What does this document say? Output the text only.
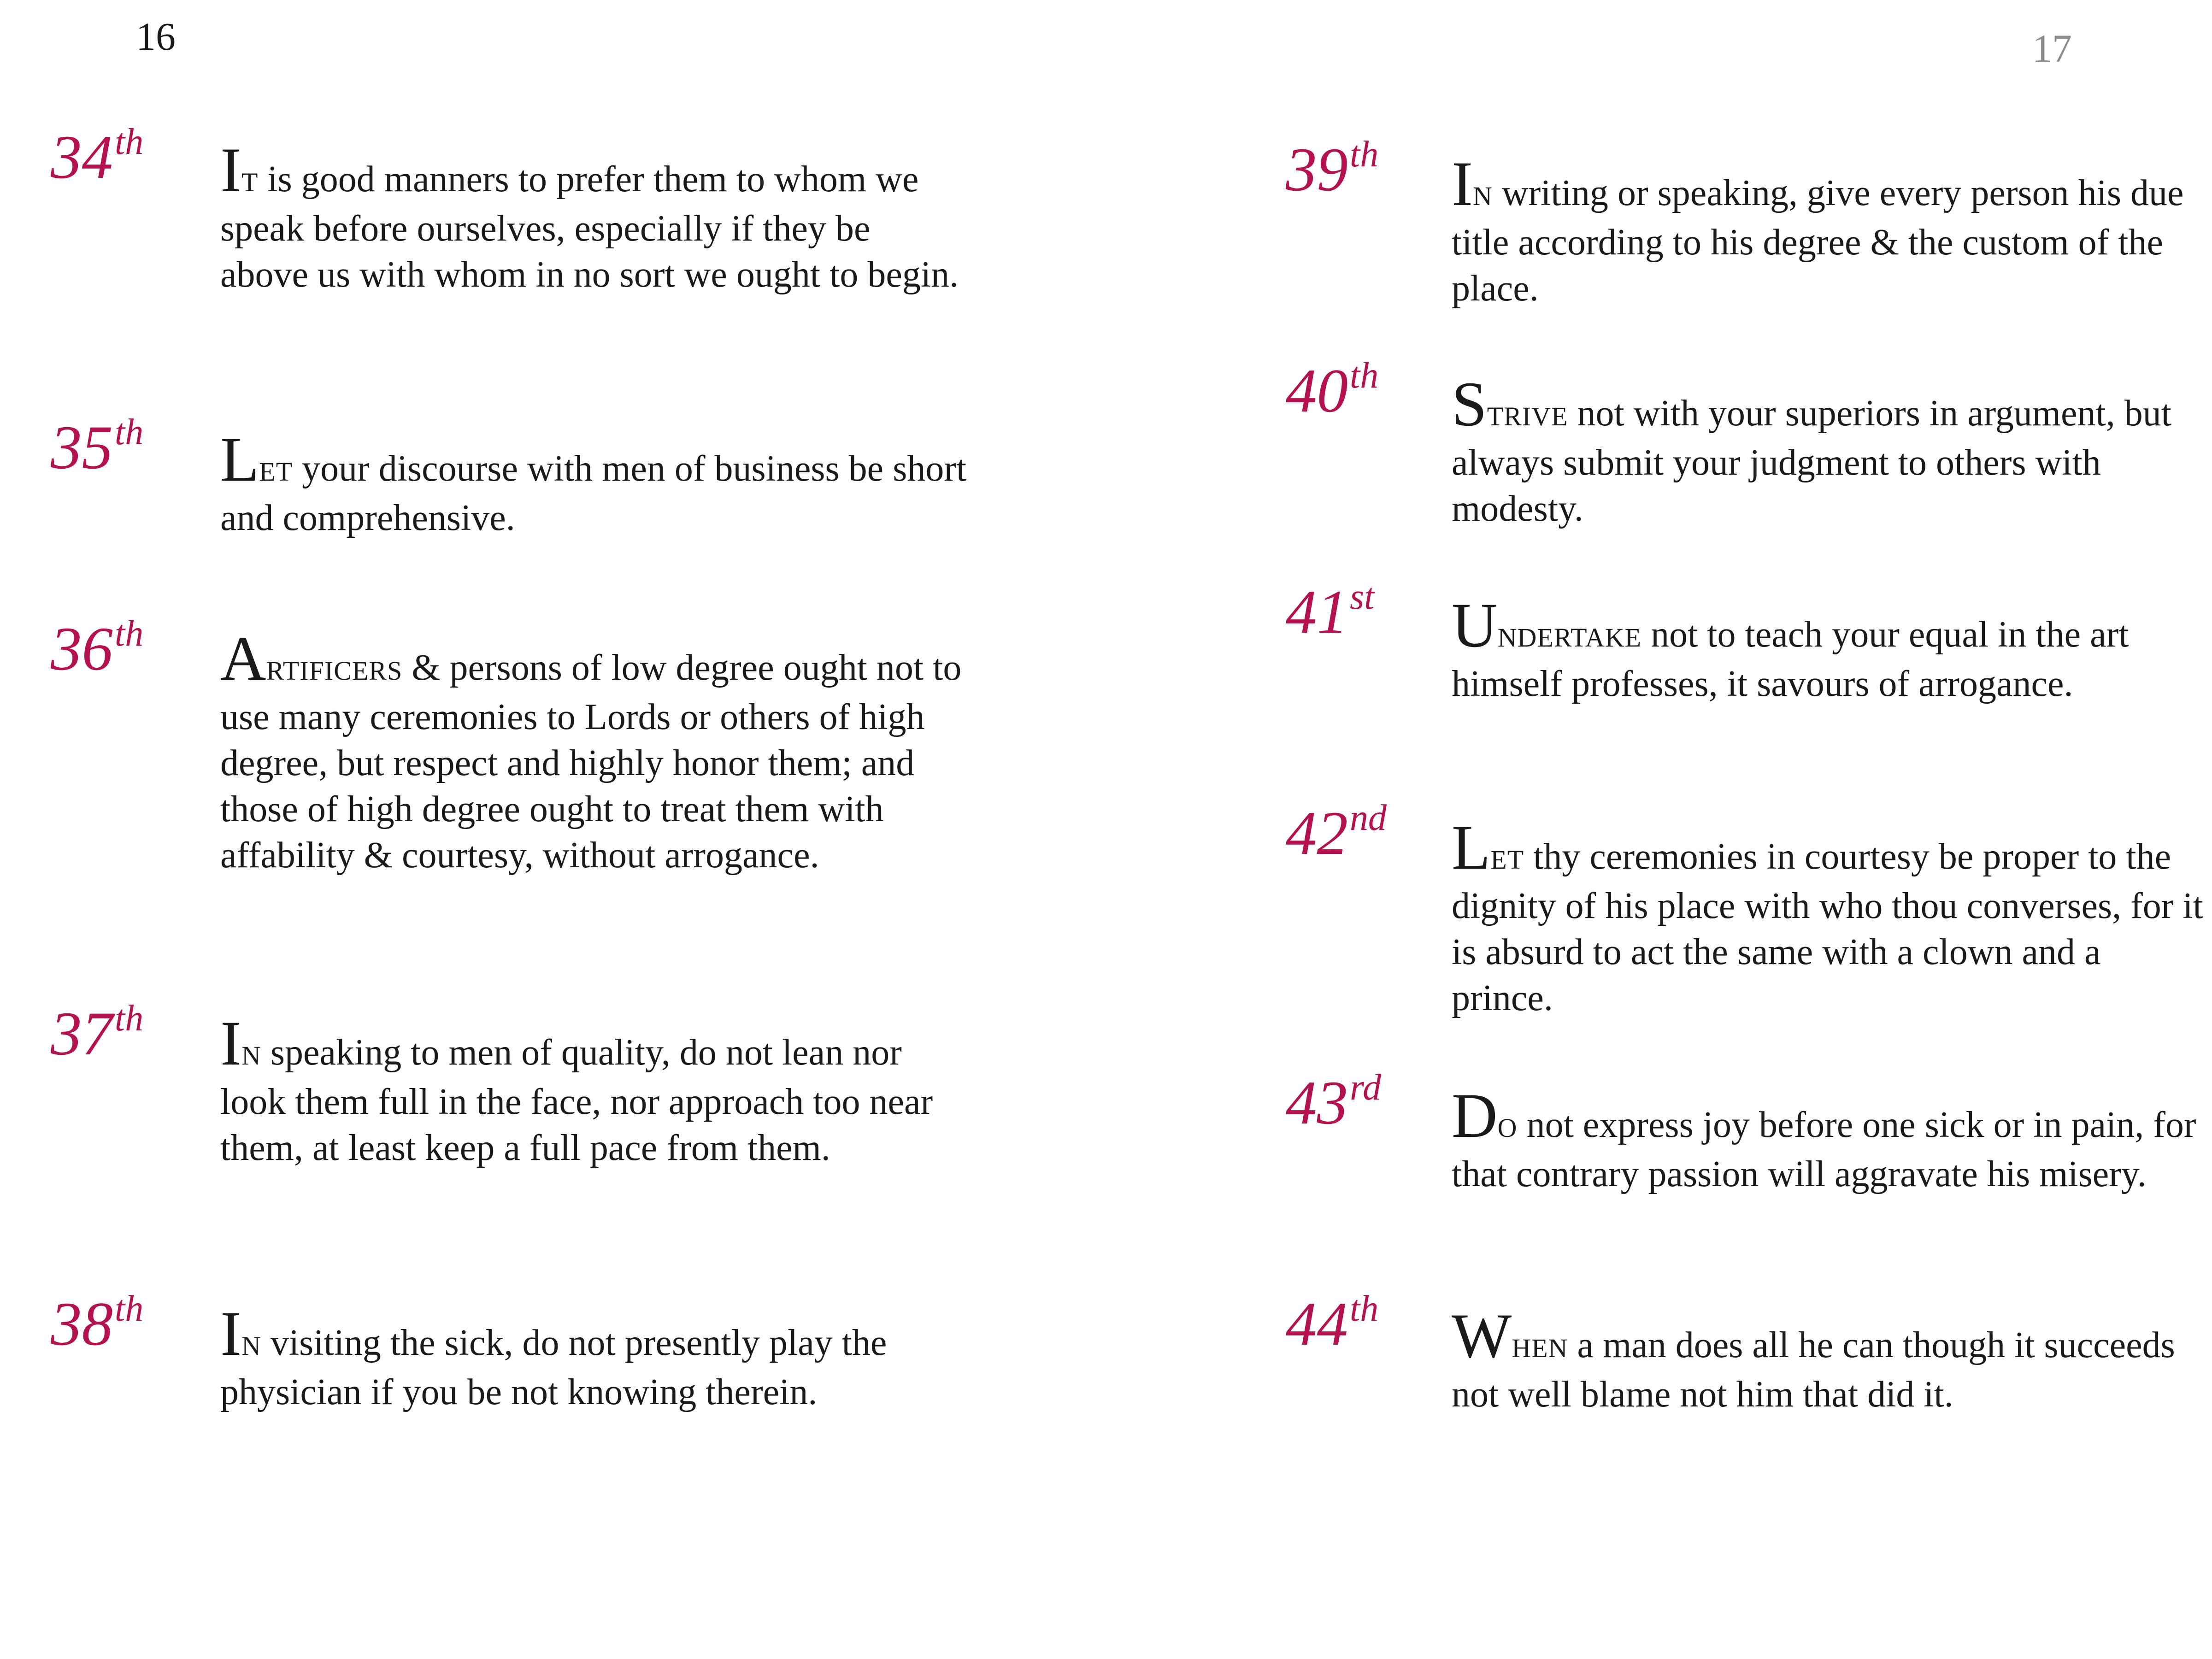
16
34th IT is good manners to prefer them to whom we speak before ourselves, especially if they be above us with whom in no sort we ought to begin.

35th LET your discourse with men of business be short and comprehensive.

36th ARTIFICERS & persons of low degree ought not to use many ceremonies to Lords or others of high degree, but respect and highly honor them; and those of high degree ought to treat them with affability & courtesy, without arrogance.

37th IN speaking to men of quality, do not lean nor look them full in the face, nor approach too near them, at least keep a full pace from them.

38th IN visiting the sick, do not presently play the physician if you be not knowing therein.

17
39th IN writing or speaking, give every person his due title according to his degree & the custom of the place.

40th STRIVE not with your superiors in argument, but always submit your judgment to others with modesty.

41st UNDERTAKE not to teach your equal in the art himself professes, it savours of arrogance.

42nd LET thy ceremonies in courtesy be proper to the dignity of his place with who thou converses, for it is absurd to act the same with a clown and a prince.

43rd DO not express joy before one sick or in pain, for that contrary passion will aggravate his misery.

44th WHEN a man does all he can though it succeeds not well blame not him that did it.
